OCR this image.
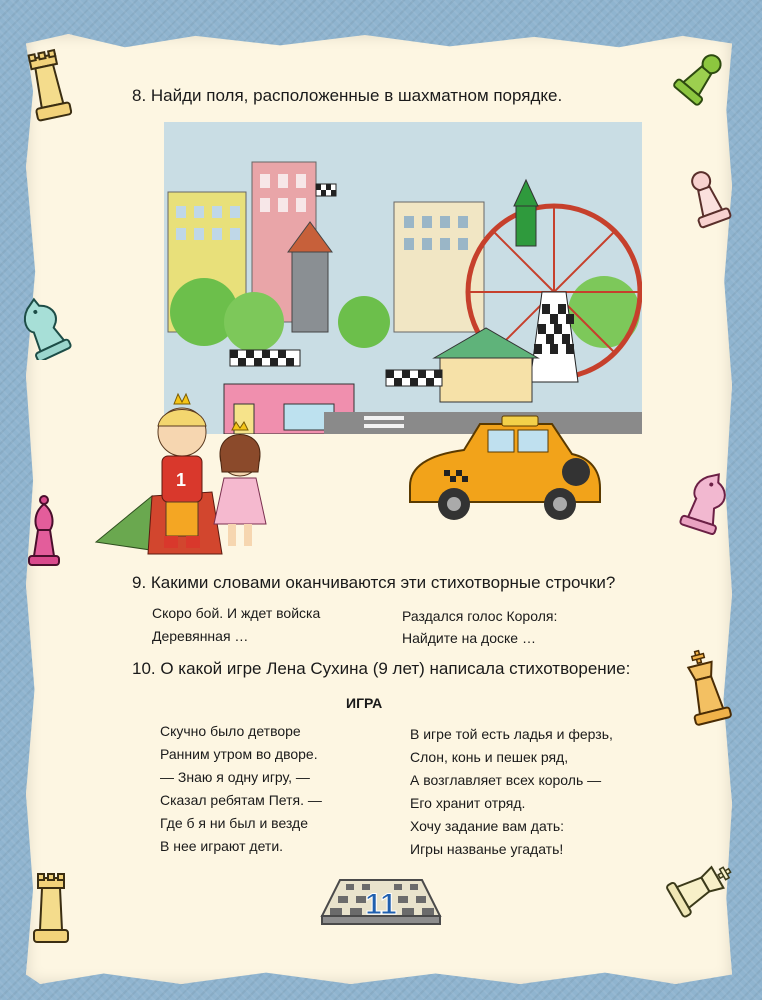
8. Найди поля, расположенные в шахматном порядке.
1
9. Какими словами оканчиваются эти стихотворные строчки?
Скоро бой. И ждет войска
Деревянная …
Раздался голос Короля:
Найдите на доске …
10. О какой игре Лена Сухина (9 лет) написала стихотворение:
ИГРА
Скучно было детворе
Ранним утром во дворе.
— Знаю я одну игру, —
Сказал ребятам Петя. —
Где б я ни был и везде
В нее играют дети.
В игре той есть ладья и ферзь,
Слон, конь и пешек ряд,
А возглавляет всех король —
Его хранит отряд.
Хочу задание вам дать:
Игры названье угадать!
11
